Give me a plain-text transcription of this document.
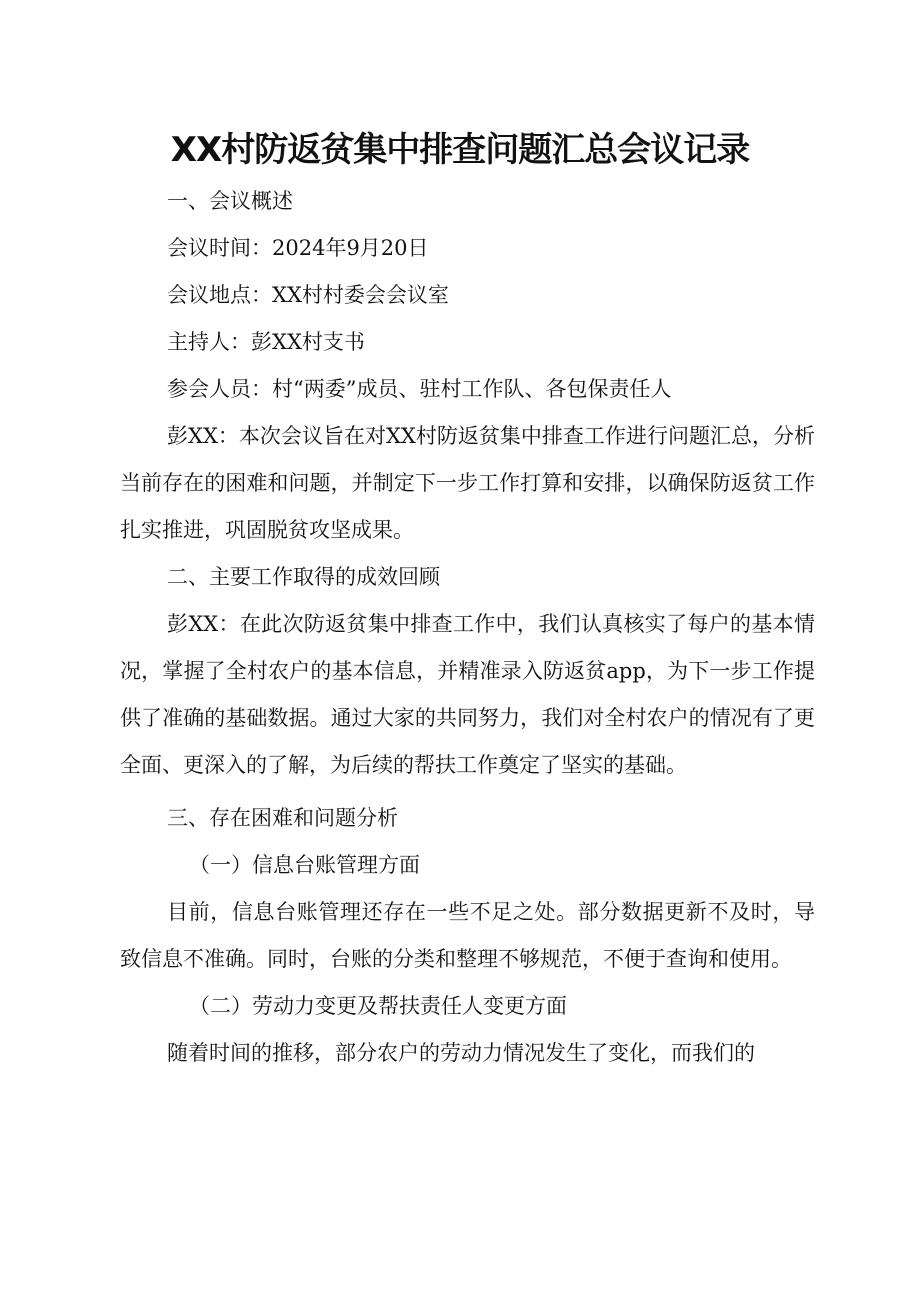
XX村防返贫集中排查问题汇总会议记录

一、会议概述

会议时间：2024年9月20日

会议地点：XX村村委会会议室

主持人：彭XX村支书

参会人员：村“两委”成员、驻村工作队、各包保责任人

彭XX：本次会议旨在对XX村防返贫集中排查工作进行问题汇总，分析当前存在的困难和问题，并制定下一步工作打算和安排，以确保防返贫工作扎实推进，巩固脱贫攻坚成果。

二、主要工作取得的成效回顾

彭XX：在此次防返贫集中排查工作中，我们认真核实了每户的基本情况，掌握了全村农户的基本信息，并精准录入防返贫app，为下一步工作提供了准确的基础数据。通过大家的共同努力，我们对全村农户的情况有了更全面、更深入的了解，为后续的帮扶工作奠定了坚实的基础。

三、存在困难和问题分析

（一）信息台账管理方面

目前，信息台账管理还存在一些不足之处。部分数据更新不及时，导致信息不准确。同时，台账的分类和整理不够规范，不便于查询和使用。

（二）劳动力变更及帮扶责任人变更方面

随着时间的推移，部分农户的劳动力情况发生了变化，而我们的
